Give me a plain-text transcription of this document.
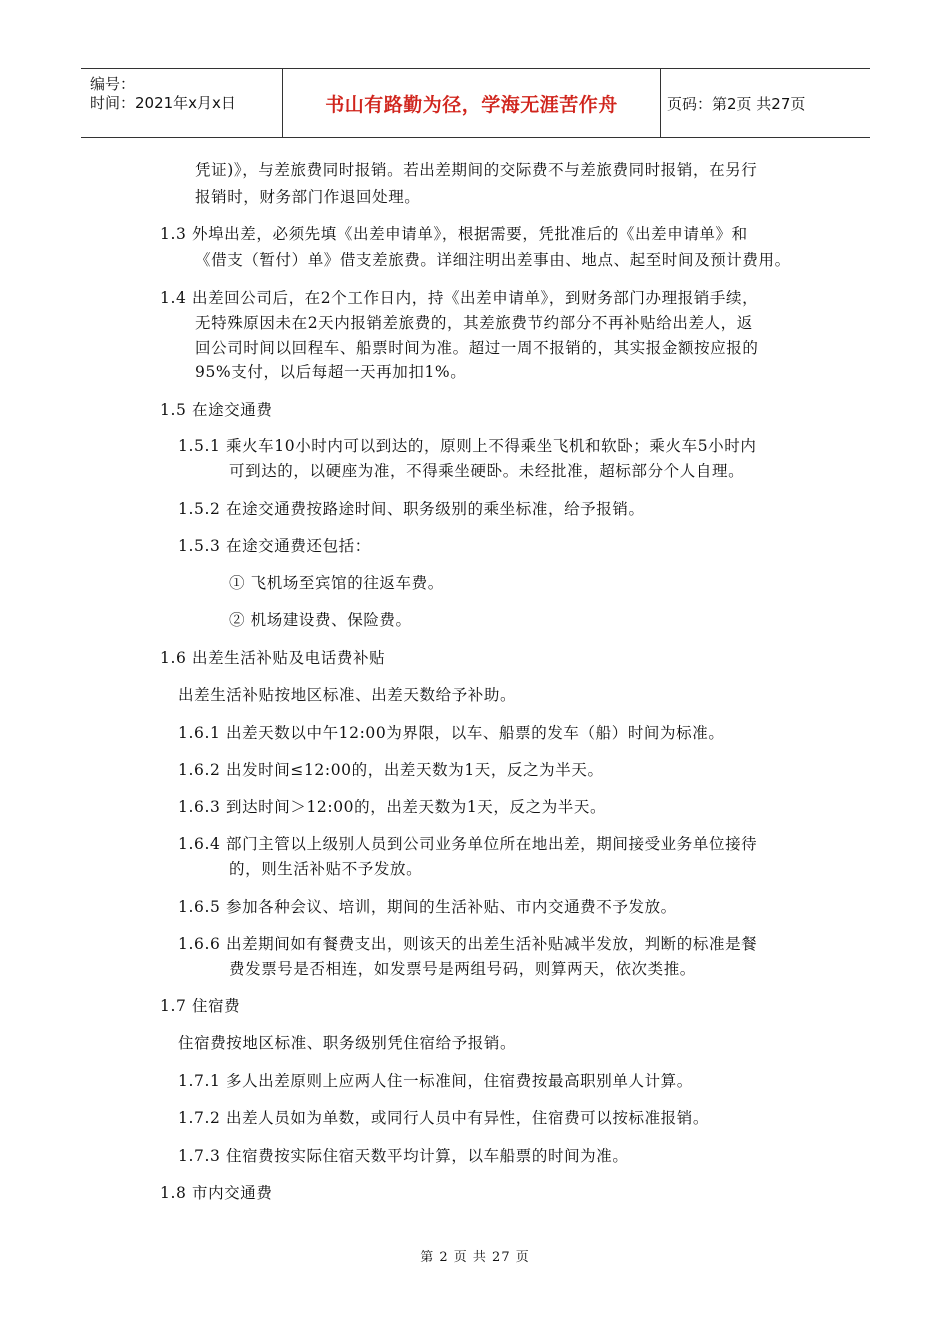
编号：
时间：2021年x月x日	书山有路勤为径，学海无涯苦作舟	页码：第2页 共27页
凭证)》，与差旅费同时报销。若出差期间的交际费不与差旅费同时报销，在另行
报销时，财务部门作退回处理。
1.3 外埠出差，必须先填《出差申请单》，根据需要，凭批准后的《出差申请单》和
《借支（暂付）单》借支差旅费。详细注明出差事由、地点、起至时间及预计费用。
1.4 出差回公司后，在2个工作日内，持《出差申请单》，到财务部门办理报销手续，
无特殊原因未在2天内报销差旅费的，其差旅费节约部分不再补贴给出差人，返
回公司时间以回程车、船票时间为准。超过一周不报销的，其实报金额按应报的
95%支付，以后每超一天再加扣1%。
1.5 在途交通费
1.5.1 乘火车10小时内可以到达的，原则上不得乘坐飞机和软卧；乘火车5小时内
可到达的，以硬座为准，不得乘坐硬卧。未经批准，超标部分个人自理。
1.5.2 在途交通费按路途时间、职务级别的乘坐标准，给予报销。
1.5.3 在途交通费还包括：
① 飞机场至宾馆的往返车费。
② 机场建设费、保险费。
1.6 出差生活补贴及电话费补贴
出差生活补贴按地区标准、出差天数给予补助。
1.6.1 出差天数以中午12:00为界限，以车、船票的发车（船）时间为标准。
1.6.2 出发时间≤12:00的，出差天数为1天，反之为半天。
1.6.3 到达时间＞12:00的，出差天数为1天，反之为半天。
1.6.4 部门主管以上级别人员到公司业务单位所在地出差，期间接受业务单位接待
的，则生活补贴不予发放。
1.6.5 参加各种会议、培训，期间的生活补贴、市内交通费不予发放。
1.6.6 出差期间如有餐费支出，则该天的出差生活补贴减半发放，判断的标准是餐
费发票号是否相连，如发票号是两组号码，则算两天，依次类推。
1.7 住宿费
住宿费按地区标准、职务级别凭住宿给予报销。
1.7.1 多人出差原则上应两人住一标准间，住宿费按最高职别单人计算。
1.7.2 出差人员如为单数，或同行人员中有异性，住宿费可以按标准报销。
1.7.3 住宿费按实际住宿天数平均计算，以车船票的时间为准。
1.8 市内交通费
第 2 页 共 27 页
